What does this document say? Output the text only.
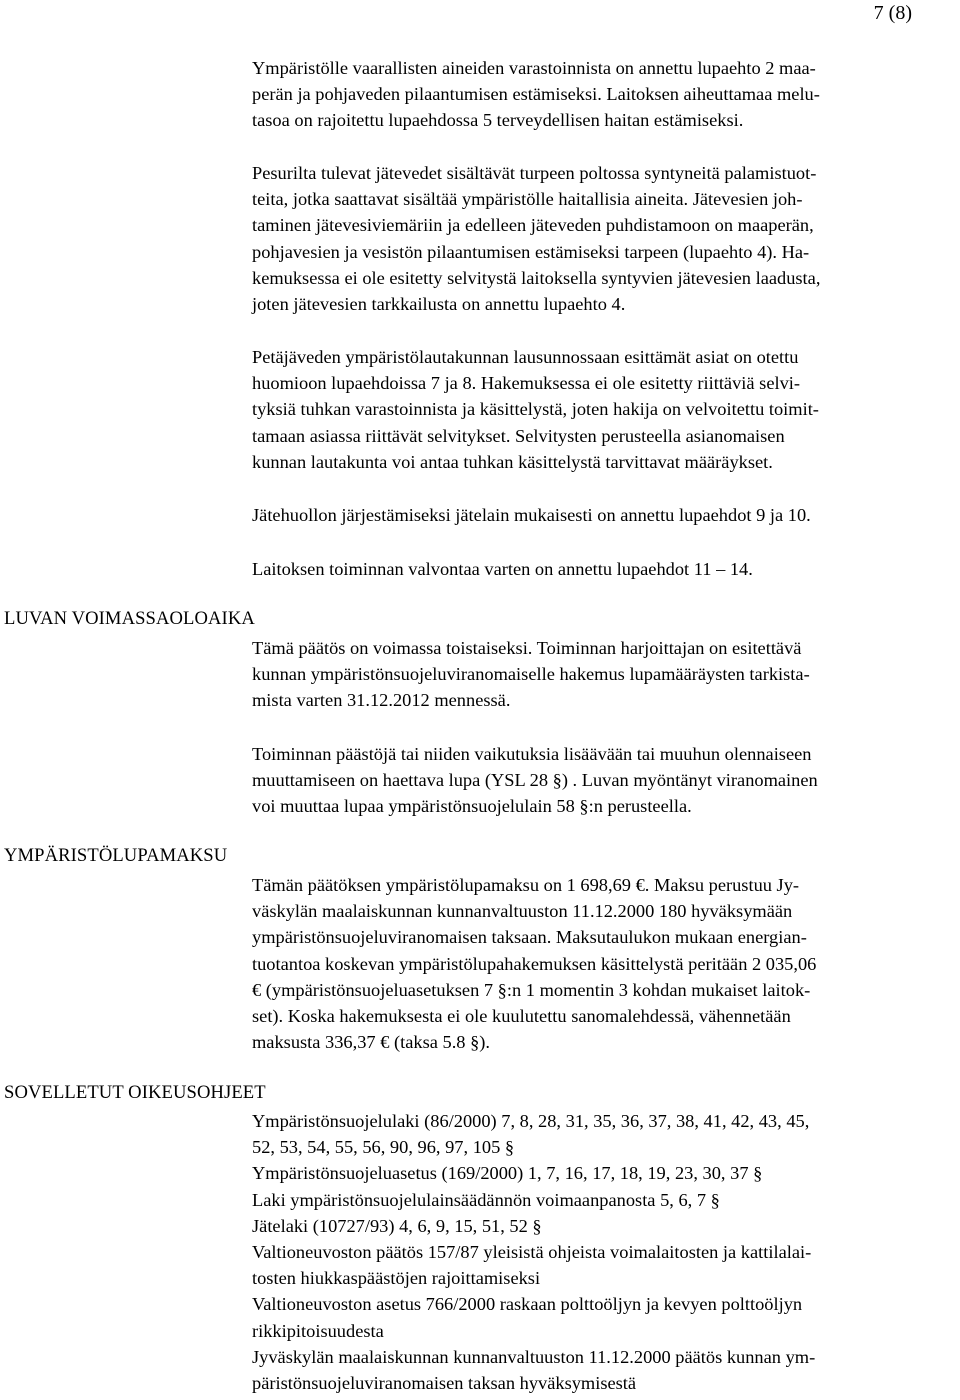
7 (8)

Ympäristölle vaarallisten aineiden varastoinnista on annettu lupaehto 2 maa-

perän ja pohjaveden pilaantumisen estämiseksi. Laitoksen aiheuttamaa melu-

tasoa on rajoitettu lupaehdossa 5 terveydellisen haitan estämiseksi.

Pesurilta tulevat jätevedet sisältävät turpeen poltossa syntyneitä palamistuot-

teita, jotka saattavat sisältää ympäristölle haitallisia aineita. Jätevesien joh-

taminen jätevesiviemäriin ja edelleen jäteveden puhdistamoon on maaperän,

pohjavesien ja vesistön pilaantumisen estämiseksi tarpeen (lupaehto 4). Ha-

kemuksessa ei ole esitetty selvitystä laitoksella syntyvien jätevesien laadusta,

joten jätevesien tarkkailusta on annettu lupaehto 4.

Petäjäveden ympäristölautakunnan lausunnossaan esittämät asiat on otettu

huomioon lupaehdoissa 7 ja 8. Hakemuksessa ei ole esitetty riittäviä selvi-

tyksiä tuhkan varastoinnista ja käsittelystä, joten hakija on velvoitettu toimit-

tamaan asiassa riittävät selvitykset. Selvitysten perusteella asianomaisen

kunnan lautakunta voi antaa tuhkan käsittelystä tarvittavat määräykset.

Jätehuollon järjestämiseksi jätelain mukaisesti on annettu lupaehdot 9 ja 10.

Laitoksen toiminnan valvontaa varten on annettu lupaehdot 11 – 14.

LUVAN VOIMASSAOLOAIKA

Tämä päätös on voimassa toistaiseksi. Toiminnan harjoittajan on esitettävä

kunnan ympäristönsuojeluviranomaiselle hakemus lupamääräysten tarkista-

mista varten 31.12.2012 mennessä.

Toiminnan päästöjä tai niiden vaikutuksia lisäävään tai muuhun olennaiseen

muuttamiseen on haettava lupa (YSL 28 §) . Luvan myöntänyt viranomainen

voi muuttaa lupaa ympäristönsuojelulain 58 §:n perusteella.

YMPÄRISTÖLUPAMAKSU

Tämän päätöksen ympäristölupamaksu on 1 698,69 €. Maksu perustuu Jy-

väskylän maalaiskunnan kunnanvaltuuston 11.12.2000 180 hyväksymään

ympäristönsuojeluviranomaisen taksaan. Maksutaulukon mukaan energian-

tuotantoa koskevan ympäristölupahakemuksen käsittelystä peritään 2 035,06

€ (ympäristönsuojeluasetuksen 7 §:n 1 momentin 3 kohdan mukaiset laitok-

set). Koska hakemuksesta ei ole kuulutettu sanomalehdessä, vähennetään

maksusta 336,37 € (taksa 5.8 §).

SOVELLETUT OIKEUSOHJEET
Ympäristönsuojelulaki (86/2000) 7, 8, 28, 31, 35, 36, 37, 38, 41, 42, 43, 45,
52, 53, 54, 55, 56, 90, 96, 97, 105 §
Ympäristönsuojeluasetus (169/2000) 1, 7, 16, 17, 18, 19, 23, 30, 37 §
Laki ympäristönsuojelulainsäädännön voimaanpanosta 5, 6, 7 §
Jätelaki (10727/93) 4, 6, 9, 15, 51, 52 §
Valtioneuvoston päätös 157/87 yleisistä ohjeista voimalaitosten ja kattilalai-
tosten hiukkaspäästöjen rajoittamiseksi
Valtioneuvoston asetus 766/2000 raskaan polttoöljyn ja kevyen polttoöljyn
rikkipitoisuudesta
Jyväskylän maalaiskunnan kunnanvaltuuston 11.12.2000 päätös kunnan ym-
päristönsuojeluviranomaisen taksan hyväksymisestä
